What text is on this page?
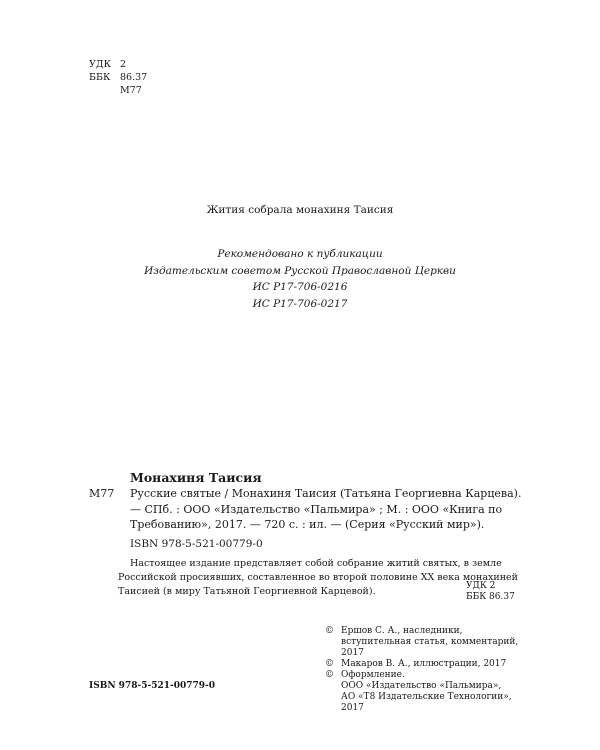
УДК 2
ББК	86.37
М77
Жития собрала монахиня Таисия
Рекомендовано к публикации
Издательским советом Русской Православной Церкви
ИС Р17-706-0216
ИС Р17-706-0217
Монахиня Таисия
М77	Русские святые / Монахиня Таисия (Татьяна Георгиевна Карцева). — СПб. : ООО «Издательство «Пальмира» ; М. : ООО «Книга по Требованию», 2017. — 720 с. : ил. — (Серия «Русский мир»).
ISBN 978-5-521-00779-0
Настоящее издание представляет собой собрание житий святых, в земле Российской просиявших, составленное во второй половине XX века монахиней Таисией (в миру Татьяной Георгиевной Карцевой).	УДК 2
ББК 86.37
© Ершов С. А., наследники, вступительная статья, комментарий, 2017
© Макаров В. А., иллюстрации, 2017
© Оформление.
ООО «Издательство «Пальмира»,
АО «Т8 Издательские Технологии», 2017
ISBN 978-5-521-00779-0
